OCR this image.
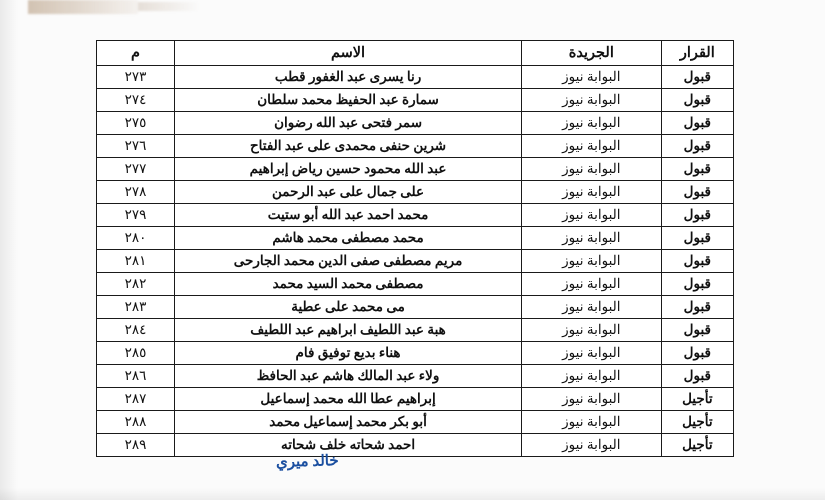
القرار	الجريدة	الاسم	م
قبول	البوابة نيوز	رنا يسرى عبد الغفور قطب	٢٧٣
قبول	البوابة نيوز	سمارة عبد الحفيظ محمد سلطان	٢٧٤
قبول	البوابة نيوز	سمر فتحى عبد الله رضوان	٢٧٥
قبول	البوابة نيوز	شرين حنفى محمدى على عبد الفتاح	٢٧٦
قبول	البوابة نيوز	عبد الله محمود حسين رياض إبراهيم	٢٧٧
قبول	البوابة نيوز	على جمال على عبد الرحمن	٢٧٨
قبول	البوابة نيوز	محمد احمد عبد الله أبو ستيت	٢٧٩
قبول	البوابة نيوز	محمد مصطفى محمد هاشم	٢٨٠
قبول	البوابة نيوز	مريم مصطفى صفى الدين محمد الجارحى	٢٨١
قبول	البوابة نيوز	مصطفى محمد السيد محمد	٢٨٢
قبول	البوابة نيوز	مى محمد على عطية	٢٨٣
قبول	البوابة نيوز	هبة عبد اللطيف ابراهيم عبد اللطيف	٢٨٤
قبول	البوابة نيوز	هناء بديع توفيق فام	٢٨٥
قبول	البوابة نيوز	ولاء عبد المالك هاشم عبد الحافظ	٢٨٦
تأجيل	البوابة نيوز	إبراهيم عطا الله محمد إسماعيل	٢٨٧
تأجيل	البوابة نيوز	أبو بكر محمد إسماعيل محمد	٢٨٨
تأجيل	البوابة نيوز	احمد شحاته خلف شحاته	٢٨٩
خالد ميري
